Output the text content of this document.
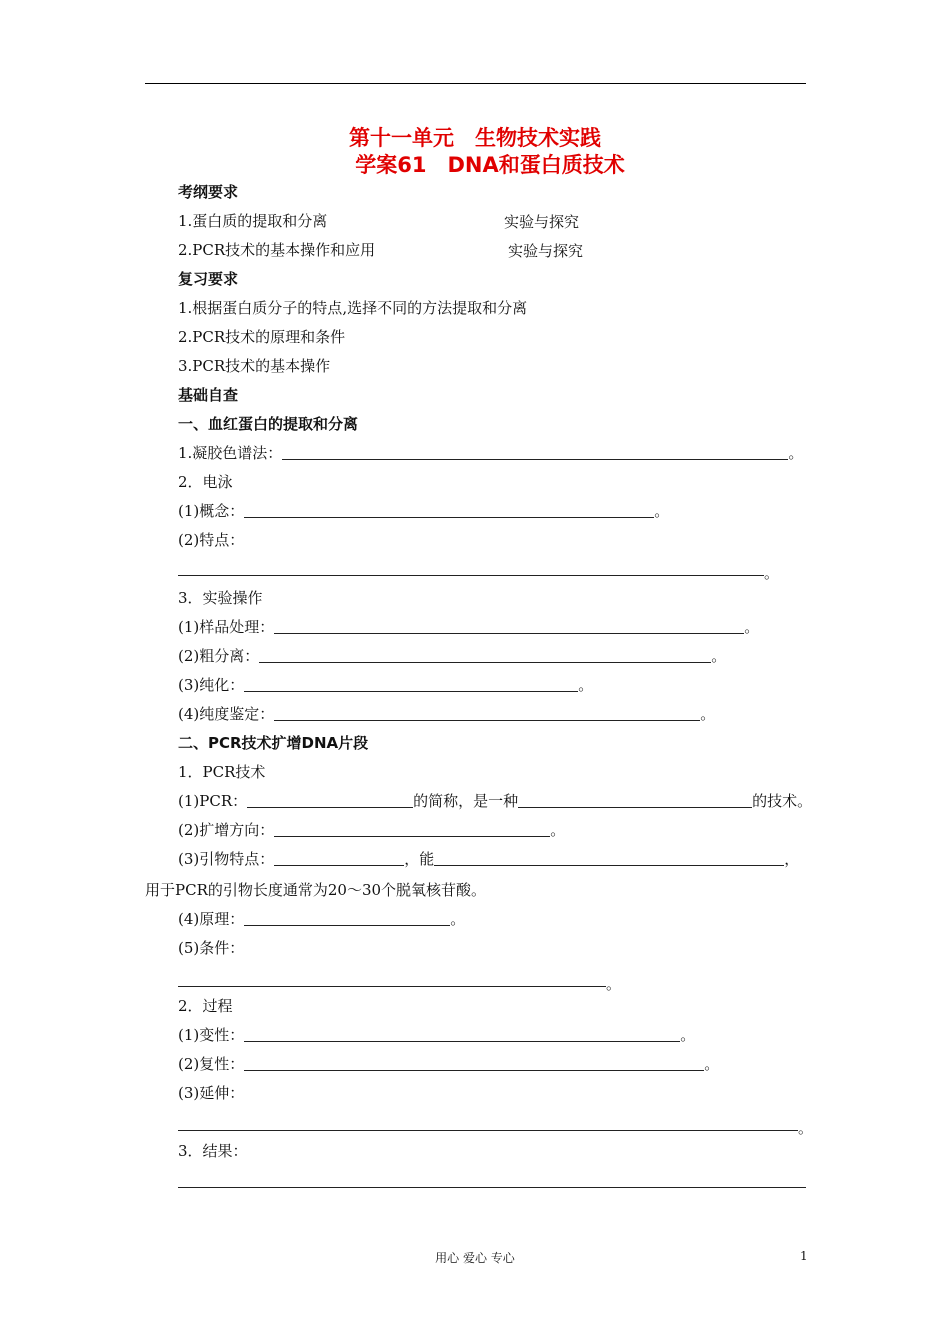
第十一单元　生物技术实践
学案61　DNA和蛋白质技术
考纲要求
1.蛋白质的提取和分离	实验与探究
2.PCR技术的基本操作和应用	实验与探究
复习要求
1.根据蛋白质分子的特点,选择不同的方法提取和分离
2.PCR技术的原理和条件
3.PCR技术的基本操作
基础自查
一、血红蛋白的提取和分离
1.凝胶色谱法：	。
2．电泳
(1)概念：	。
(2)特点：
。
3．实验操作
(1)样品处理：	。
(2)粗分离：	。
(3)纯化：	。
(4)纯度鉴定：	。
二、PCR技术扩增DNA片段
1．PCR技术
(1)PCR：	的简称，是一种	的技术。
(2)扩增方向：	。
(3)引物特点：	，能	，
用于PCR的引物长度通常为20～30个脱氧核苷酸。
(4)原理：	。
(5)条件：
。
2．过程
(1)变性：	。
(2)复性：	。
(3)延伸：
。
3．结果：
用心 爱心 专心	1
